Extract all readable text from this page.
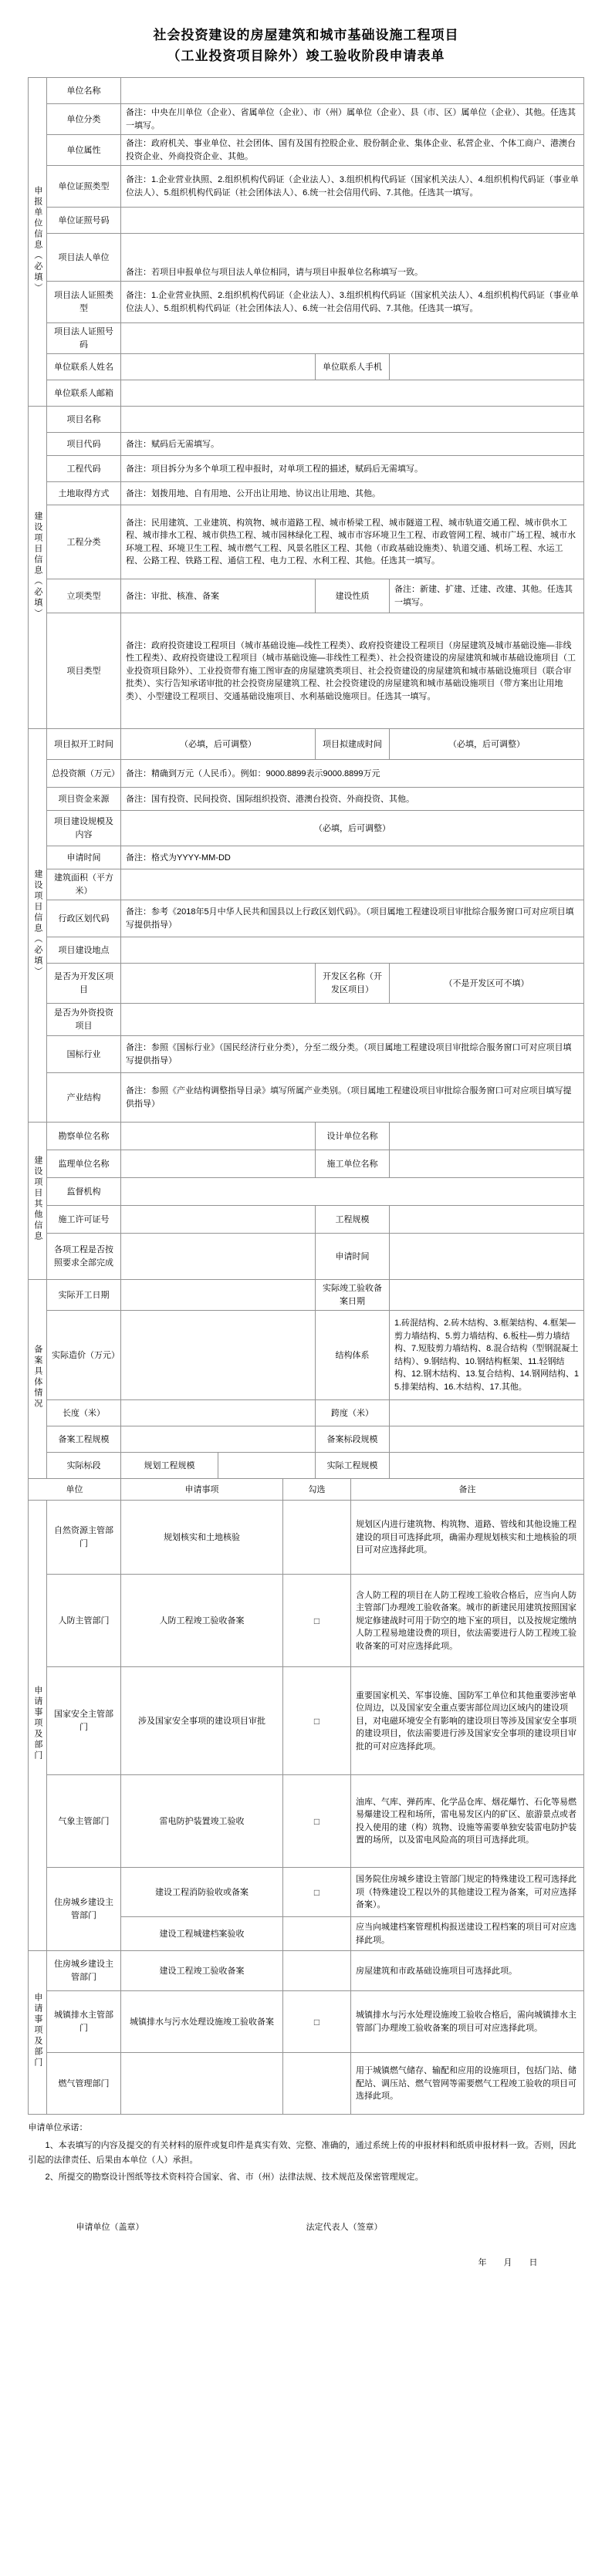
社会投资建设的房屋建筑和城市基础设施工程项目
（工业投资项目除外）竣工验收阶段申请表单
申报单位信息（必填）	单位名称			
	单位分类	备注：中央在川单位（企业）、省属单位（企业）、市（州）属单位（企业）、县（市、区）属单位（企业）、其他。任选其一填写。		
	单位属性	备注：政府机关、事业单位、社会团体、国有及国有控股企业、股份制企业、集体企业、私营企业、个体工商户、港澳台投资企业、外商投资企业、其他。		
	单位证照类型	备注：1.企业营业执照、2.组织机构代码证（企业法人）、3.组织机构代码证（国家机关法人）、4.组织机构代码证（事业单位法人）、5.组织机构代码证（社会团体法人）、6.统一社会信用代码、7.其他。任选其一填写。		
	单位证照号码			
	项目法人单位	备注：若项目申报单位与项目法人单位相同，请与项目申报单位名称填写一致。		
	项目法人证照类型	备注：1.企业营业执照、2.组织机构代码证（企业法人）、3.组织机构代码证（国家机关法人）、4.组织机构代码证（事业单位法人）、5.组织机构代码证（社会团体法人）、6.统一社会信用代码、7.其他。任选其一填写。		
	项目法人证照号码			
	单位联系人姓名		单位联系人手机	
	单位联系人邮箱			
建设项目信息（必填）	项目名称			
	项目代码	备注：赋码后无需填写。		
	工程代码	备注：项目拆分为多个单项工程申报时，对单项工程的描述，赋码后无需填写。		
	土地取得方式	备注：划拨用地、自有用地、公开出让用地、协议出让用地、其他。		
	工程分类	备注：民用建筑、工业建筑、构筑物、城市道路工程、城市桥梁工程、城市隧道工程、城市轨道交通工程、城市供水工程、城市排水工程、城市供热工程、城市园林绿化工程、城市市容环境卫生工程、市政管网工程、城市广场工程、城市水环境工程、环境卫生工程、城市燃气工程、风景名胜区工程、其他（市政基础设施类）、轨道交通、机场工程、水运工程、公路工程、铁路工程、通信工程、电力工程、水利工程、其他。任选其一填写。		
	立项类型	备注：审批、核准、备案	建设性质	备注：新建、扩建、迁建、改建、其他。任选其一填写。
	项目类型	备注：政府投资建设工程项目（城市基础设施—线性工程类）、政府投资建设工程项目（房屋建筑及城市基础设施—非线性工程类）、政府投资建设工程项目（城市基础设施—非线性工程类）、社会投资建设的房屋建筑和城市基础设施项目（工业投资项目除外）、工业投资带有施工图审查的房屋建筑类项目、社会投资建设的房屋建筑和城市基础设施项目（联合审批类）、实行告知承诺审批的社会投资房屋建筑工程、社会投资建设的房屋建筑和城市基础设施项目（带方案出让用地类）、小型建设工程项目、交通基础设施项目、水利基础设施项目。任选其一填写。		
建设项目信息（必填）	项目拟开工时间	（必填，后可调整）	项目拟建成时间	（必填，后可调整）
	总投资额（万元）	备注：精确到万元（人民币）。例如：9000.8899表示9000.8899万元		
	项目资金来源	备注：国有投资、民间投资、国际组织投资、港澳台投资、外商投资、其他。		
	项目建设规模及内容	（必填，后可调整）		
	申请时间	备注：格式为YYYY-MM-DD		
	建筑面积（平方米）			
	行政区划代码	备注：参考《2018年5月中华人民共和国县以上行政区划代码》。（项目属地工程建设项目审批综合服务窗口可对应项目填写提供指导）		
	项目建设地点			
	是否为开发区项目		开发区名称（开发区项目）	（不是开发区可不填）
	是否为外资投资项目			
	国标行业	备注：参照《国标行业》（国民经济行业分类），分至二级分类。（项目属地工程建设项目审批综合服务窗口可对应项目填写提供指导）		
	产业结构	备注：参照《产业结构调整指导目录》填写所属产业类别。（项目属地工程建设项目审批综合服务窗口可对应项目填写提供指导）		
建设项目其他信息	勘察单位名称		设计单位名称	
	监理单位名称		施工单位名称	
	监督机构			
	施工许可证号		工程规模	
	各项工程是否按照要求全部完成		申请时间	
备案具体情况	实际开工日期			实际竣工验收备案日期	
	实际造价（万元）			结构体系	1.砖混结构、2.砖木结构、3.框架结构、4.框架—剪力墙结构、5.剪力墙结构、6.板柱—剪力墙结构、7.短肢剪力墙结构、8.混合结构（型钢混凝土结构）、9.钢结构、10.钢结构框架、11.轻钢结构、12.钢木结构、13.复合结构、14.钢网结构、15.排架结构、16.木结构、17.其他。
	长度（米）			跨度（米）	
	备案工程规模			备案标段规模	
	实际标段	规划工程规模		实际工程规模	
单位		申请事项	勾选	备注
申请事项及部门	自然资源主管部门	规划核实和土地核验		规划区内进行建筑物、构筑物、道路、管线和其他设施工程建设的项目可选择此项，确需办理规划核实和土地核验的项目可对应选择此项。
	人防主管部门	人防工程竣工验收备案	□	含人防工程的项目在人防工程竣工验收合格后，应当向人防主管部门办理竣工验收备案。城市的新建民用建筑按照国家规定修建战时可用于防空的地下室的项目，以及按规定缴纳人防工程易地建设费的项目，依法需要进行人防工程竣工验收备案的可对应选择此项。
	国家安全主管部门	涉及国家安全事项的建设项目审批	□	重要国家机关、军事设施、国防军工单位和其他重要涉密单位周边，以及国家安全重点要害部位周边区域内的建设项目，对电磁环境安全有影响的建设项目等涉及国家安全事项的建设项目，依法需要进行涉及国家安全事项的建设项目审批的可对应选择此项。
	气象主管部门	雷电防护装置竣工验收	□	油库、气库、弹药库、化学品仓库、烟花爆竹、石化等易燃易爆建设工程和场所，雷电易发区内的矿区、旅游景点或者投入使用的建（构）筑物、设施等需要单独安装雷电防护装置的场所，以及雷电风险高的项目可选择此项。
	住房城乡建设主管部门	建设工程消防验收或备案	□	国务院住房城乡建设主管部门规定的特殊建设工程可选择此项（特殊建设工程以外的其他建设工程为备案，可对应选择备案）。
		建设工程城建档案验收		应当向城建档案管理机构报送建设工程档案的项目可对应选择此项。
申请事项及部门	住房城乡建设主管部门	建设工程竣工验收备案		房屋建筑和市政基础设施项目可选择此项。
	城镇排水主管部门	城镇排水与污水处理设施竣工验收备案	□	城镇排水与污水处理设施竣工验收合格后，需向城镇排水主管部门办理竣工验收备案的项目可对应选择此项。
	燃气管理部门			用于城镇燃气储存、输配和应用的设施项目，包括门站、储配站、调压站、燃气管网等需要燃气工程竣工验收的项目可选择此项。
申请单位承诺：
1、本表填写的内容及提交的有关材料的原件或复印件是真实有效、完整、准确的，通过系统上传的申报材料和纸质申报材料一致。否则，因此引起的法律责任、后果由本单位（人）承担。
2、所提交的勘察设计图纸等技术资料符合国家、省、市（州）法律法规、技术规范及保密管理规定。
申请单位（盖章）	法定代表人（签章）
年　　月　　日
